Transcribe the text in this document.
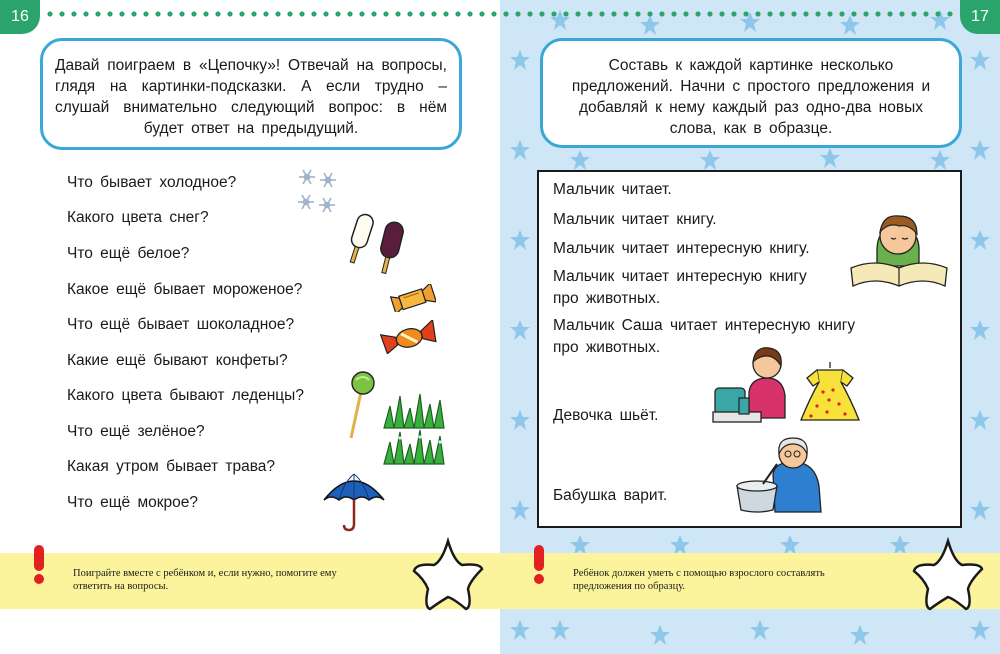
16
Давай поиграем в «Цепочку»! Отвечай на вопросы, глядя на картинки-подсказки. А если трудно – слушай внимательно следующий вопрос: в нём будет ответ на предыдущий.
Что бывает холодное?
Какого цвета снег?
Что ещё белое?
Какое ещё бывает мороженое?
Что ещё бывает шоколадное?
Какие ещё бывают конфеты?
Какого цвета бывают леденцы?
Что ещё зелёное?
Какая утром бывает трава?
Что ещё мокрое?
Поиграйте вместе с ребёнком и, если нужно, помогите ему
ответить на вопросы.
17
Составь к каждой картинке несколько предложений. Начни с простого предложения и добавляй к нему каждый раз одно-два новых слова, как в образце.
Мальчик читает.
Мальчик читает книгу.
Мальчик читает интересную книгу.
Мальчик читает интересную книгу
про животных.
Мальчик Саша читает интересную книгу
про животных.
Девочка шьёт.
Бабушка варит.
Ребёнок должен уметь с помощью взрослого составлять
предложения по образцу.
